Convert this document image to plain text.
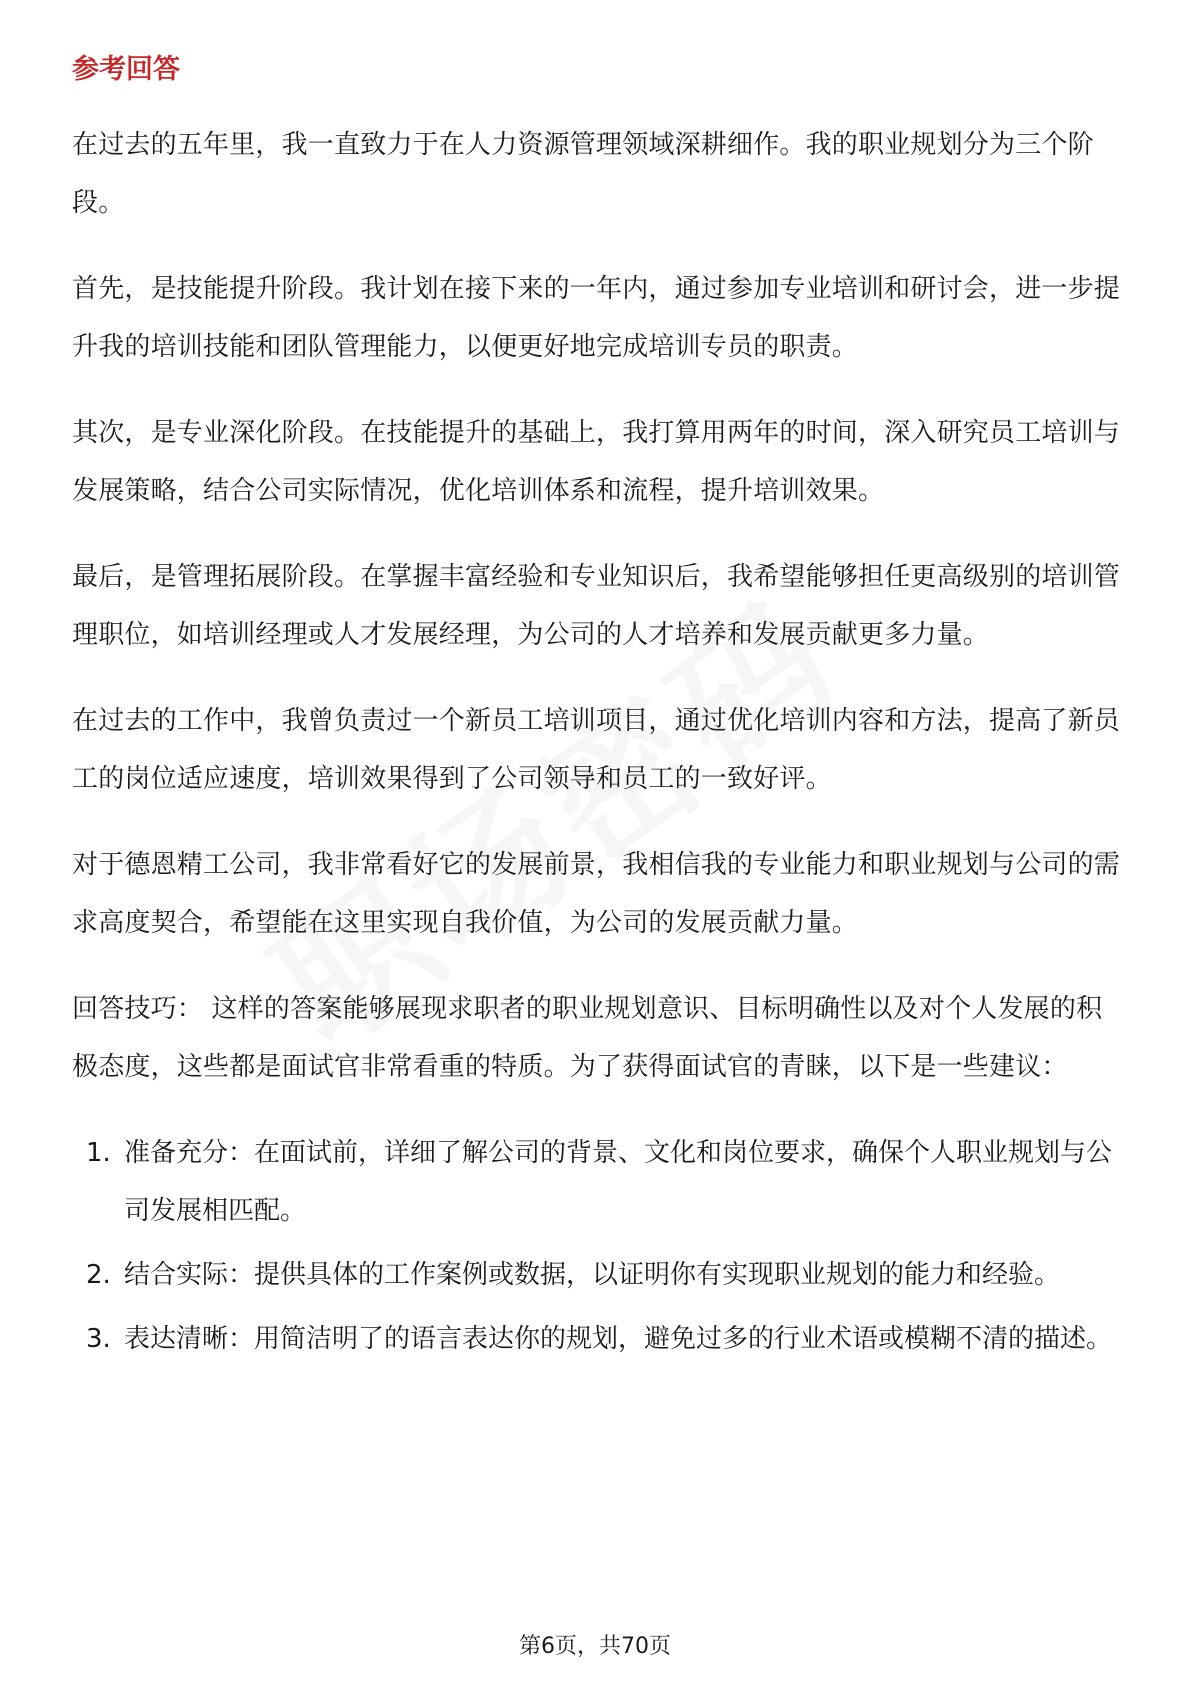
参考回答

在过去的五年里，我一直致力于在人力资源管理领域深耕细作。我的职业规划分为三个阶段。

首先，是技能提升阶段。我计划在接下来的一年内，通过参加专业培训和研讨会，进一步提升我的培训技能和团队管理能力，以便更好地完成培训专员的职责。

其次，是专业深化阶段。在技能提升的基础上，我打算用两年的时间，深入研究员工培训与发展策略，结合公司实际情况，优化培训体系和流程，提升培训效果。

最后，是管理拓展阶段。在掌握丰富经验和专业知识后，我希望能够担任更高级别的培训管理职位，如培训经理或人才发展经理，为公司的人才培养和发展贡献更多力量。

在过去的工作中，我曾负责过一个新员工培训项目，通过优化培训内容和方法，提高了新员工的岗位适应速度，培训效果得到了公司领导和员工的一致好评。

对于德恩精工公司，我非常看好它的发展前景，我相信我的专业能力和职业规划与公司的需求高度契合，希望能在这里实现自我价值，为公司的发展贡献力量。

回答技巧： 这样的答案能够展现求职者的职业规划意识、目标明确性以及对个人发展的积极态度，这些都是面试官非常看重的特质。为了获得面试官的青睐，以下是一些建议：

1. 准备充分：在面试前，详细了解公司的背景、文化和岗位要求，确保个人职业规划与公司发展相匹配。
2. 结合实际：提供具体的工作案例或数据，以证明你有实现职业规划的能力和经验。
3. 表达清晰：用简洁明了的语言表达你的规划，避免过多的行业术语或模糊不清的描述。
第6页，共70页
